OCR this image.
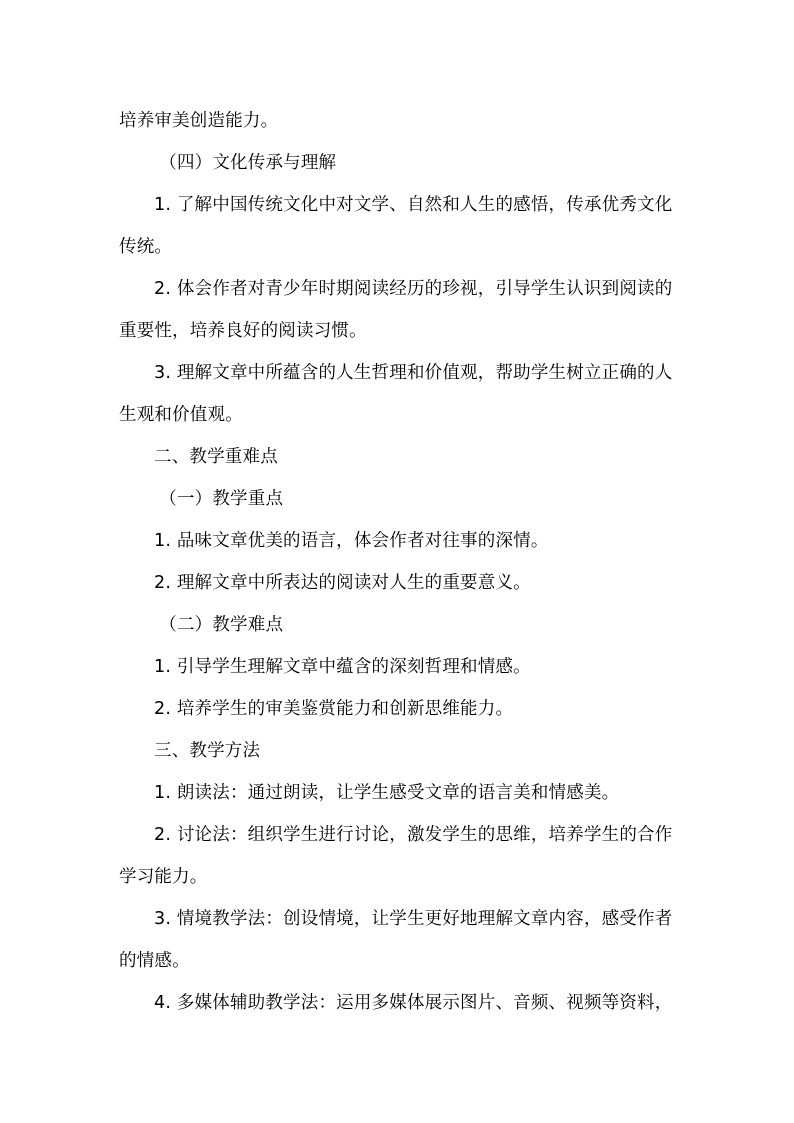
培养审美创造能力。

（四）文化传承与理解

1. 了解中国传统文化中对文学、自然和人生的感悟，传承优秀文化传统。

2. 体会作者对青少年时期阅读经历的珍视，引导学生认识到阅读的重要性，培养良好的阅读习惯。

3. 理解文章中所蕴含的人生哲理和价值观，帮助学生树立正确的人生观和价值观。

二、教学重难点

（一）教学重点

1. 品味文章优美的语言，体会作者对往事的深情。

2. 理解文章中所表达的阅读对人生的重要意义。

（二）教学难点

1. 引导学生理解文章中蕴含的深刻哲理和情感。

2. 培养学生的审美鉴赏能力和创新思维能力。

三、教学方法

1. 朗读法：通过朗读，让学生感受文章的语言美和情感美。

2. 讨论法：组织学生进行讨论，激发学生的思维，培养学生的合作学习能力。

3. 情境教学法：创设情境，让学生更好地理解文章内容，感受作者的情感。

4. 多媒体辅助教学法：运用多媒体展示图片、音频、视频等资料，
